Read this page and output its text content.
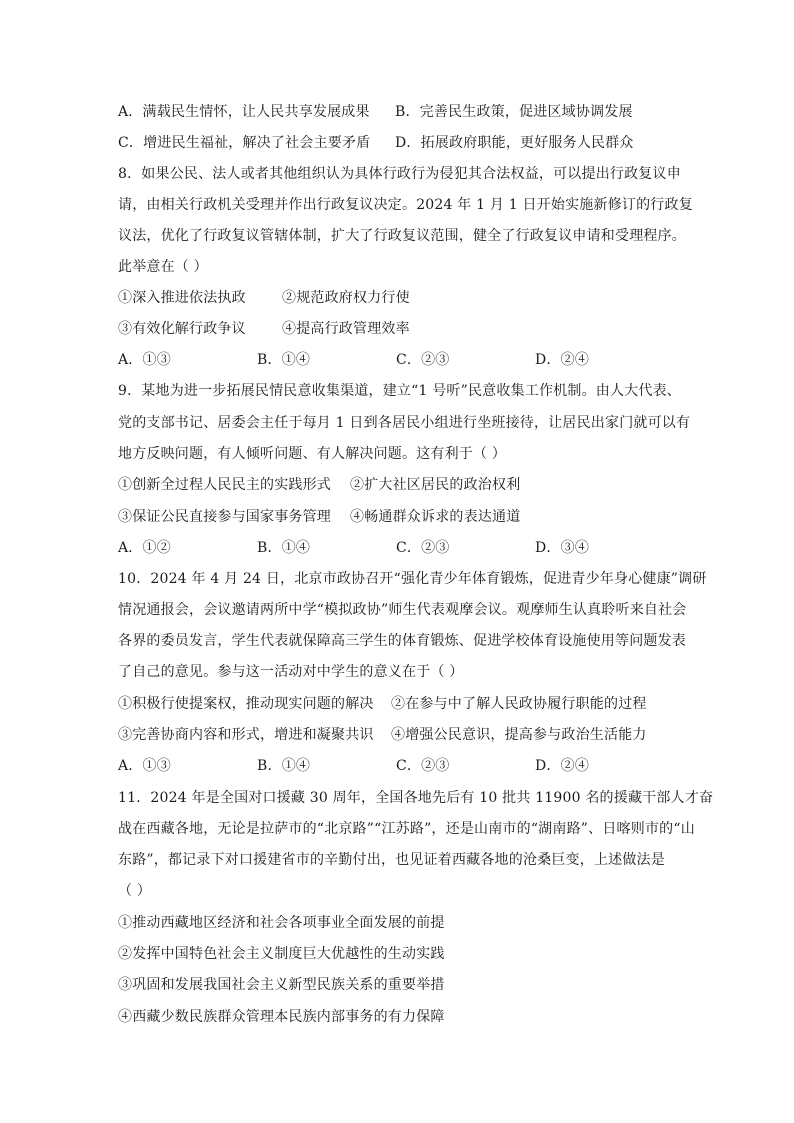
A．满载民生情怀，让人民共享发展成果 B．完善民生政策，促进区域协调发展
C．增进民生福祉，解决了社会主要矛盾 D．拓展政府职能，更好服务人民群众
8．如果公民、法人或者其他组织认为具体行政行为侵犯其合法权益，可以提出行政复议申
请，由相关行政机关受理并作出行政复议决定。2024 年 1 月 1 日开始实施新修订的行政复
议法，优化了行政复议管辖体制，扩大了行政复议范围，健全了行政复议申请和受理程序。
此举意在（ ）
①深入推进依法执政	②规范政府权力行使
③有效化解行政争议	④提高行政管理效率
A．①③	B．①④	C．②③	D．②④
9．某地为进一步拓展民情民意收集渠道，建立“1 号听”民意收集工作机制。由人大代表、
党的支部书记、居委会主任于每月 1 日到各居民小组进行坐班接待，让居民出家门就可以有
地方反映问题，有人倾听问题、有人解决问题。这有利于（ ）
①创新全过程人民民主的实践形式 ②扩大社区居民的政治权利
③保证公民直接参与国家事务管理 ④畅通群众诉求的表达通道
A．①②	B．①④	C．②③	D．③④
10．2024 年 4 月 24 日，北京市政协召开“强化青少年体育锻炼，促进青少年身心健康”调研
情况通报会，会议邀请两所中学“模拟政协”师生代表观摩会议。观摩师生认真聆听来自社会
各界的委员发言，学生代表就保障高三学生的体育锻炼、促进学校体育设施使用等问题发表
了自己的意见。参与这一活动对中学生的意义在于（ ）
①积极行使提案权，推动现实问题的解决 ②在参与中了解人民政协履行职能的过程
③完善协商内容和形式，增进和凝聚共识 ④增强公民意识，提高参与政治生活能力
A．①③	B．①④	C．②③	D．②④
11．2024 年是全国对口援藏 30 周年，全国各地先后有 10 批共 11900 名的援藏干部人才奋
战在西藏各地，无论是拉萨市的“北京路”“江苏路”，还是山南市的“湖南路”、日喀则市的“山
东路”，都记录下对口援建省市的辛勤付出，也见证着西藏各地的沧桑巨变，上述做法是
（ ）
①推动西藏地区经济和社会各项事业全面发展的前提
②发挥中国特色社会主义制度巨大优越性的生动实践
③巩固和发展我国社会主义新型民族关系的重要举措
④西藏少数民族群众管理本民族内部事务的有力保障
